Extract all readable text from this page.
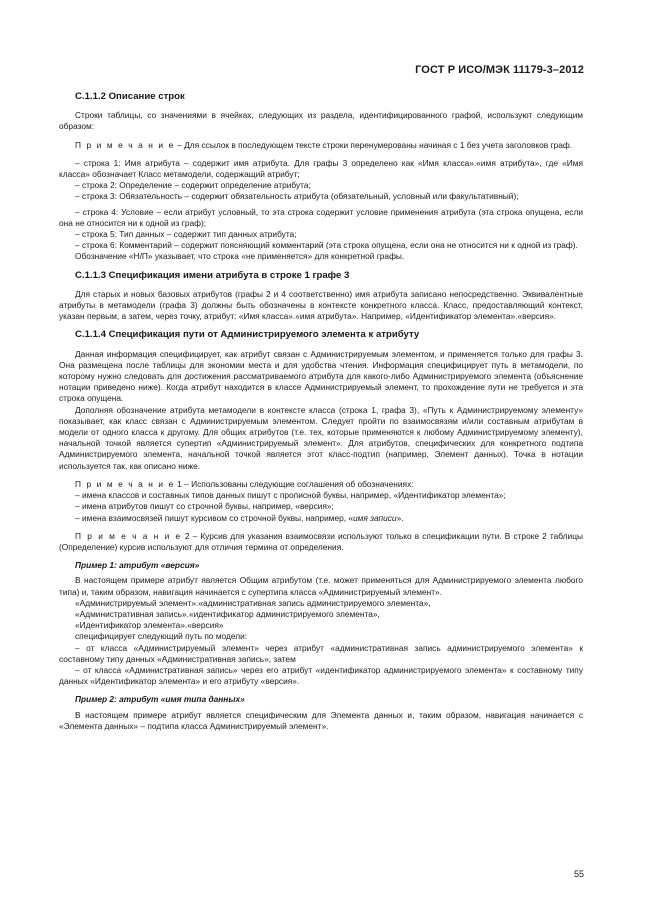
ГОСТ Р ИСО/МЭК 11179-3–2012

C.1.1.2 Описание строк

Строки таблицы, со значениями в ячейках, следующих из раздела, идентифицированного графой, используют следующим образом:

П р и м е ч а н и е – Для ссылок в последующем тексте строки перенумерованы начиная с 1 без учета заголовков граф.

– строка 1: Имя атрибута – содержит имя атрибута. Для графы 3 определено как «Имя класса».«имя атрибута», где «Имя класса» обозначает Класс метамодели, содержащий атрибут;

– строка 2: Определение – содержит определение атрибута;

– строка 3: Обязательность – содержит обязательность атрибута (обязательный, условный или факультативный);

– строка 4: Условие – если атрибут условный, то эта строка содержит условие применения атрибута (эта строка опущена, если она не относится ни к одной из граф);

– строка 5: Тип данных – содержит тип данных атрибута;

– строка 6: Комментарий – содержит поясняющий комментарий (эта строка опущена, если она не относится ни к одной из граф).

Обозначение «Н/П» указывает, что строка «не применяется» для конкретной графы.

C.1.1.3 Спецификация имени атрибута в строке 1 графе 3

Для старых и новых базовых атрибутов (графы 2 и 4 соответственно) имя атрибута записано непосредственно. Эквивалентные атрибуты в метамодели (графа 3) должны быть обозначены в контексте конкретного класса. Класс, предоставляющий контекст, указан первым, а затем, через точку, атрибут: «Имя класса».«имя атрибута». Например, «Идентификатор элемента».«версия».

C.1.1.4 Спецификация пути от Администрируемого элемента к атрибуту

Данная информация специфицирует, как атрибут связан с Администрируемым элементом, и применяется только для графы 3. Она размещена после таблицы для экономии места и для удобства чтения. Информация специфицирует путь в метамодели, по которому нужно следовать для достижения рассматриваемого атрибута для какого-либо Администрируемого элемента (объяснение нотации приведено ниже). Когда атрибут находится в классе Администрируемый элемент, то прохождение пути не требуется и эта строка опущена.

Дополняя обозначение атрибута метамодели в контексте класса (строка 1, графа 3), «Путь к Администрируемому элементу» показывает, как класс связан с Администрируемым элементом. Следует пройти по взаимосвязям и/или составным атрибутам в модели от одного класса к другому. Для общих атрибутов (т.е. тех, которые применяются к любому Администрируемому элементу), начальной точкой является супертип «Администрируемый элемент». Для атрибутов, специфических для конкретного подтипа Администрируемого элемента, начальной точкой является этот класс-подтип (например, Элемент данных). Точка в нотации используется так, как описано ниже.

П р и м е ч а н и е 1 – Использованы следующие соглашения об обозначениях:

– имена классов и составных типов данных пишут с прописной буквы, например, «Идентификатор элемента»;

– имена атрибутов пишут со строчной буквы, например, «версия»;

– имена взаимосвязей пишут курсивом со строчной буквы, например, «имя записи».

П р и м е ч а н и е 2 – Курсив для указания взаимосвязи используют только в спецификации пути. В строке 2 таблицы (Определение) курсив используют для отличия термина от определения.

Пример 1: атрибут «версия»

В настоящем примере атрибут является Общим атрибутом (т.е. может применяться для Администрируемого элемента любого типа) и, таким образом, навигация начинается с супертипа класса «Администрируемый элемент».

«Администрируемый элемент».«административная запись администрируемого элемента»,

«Административная запись».«идентификатор администрируемого элемента»,

«Идентификатор элемента».«версия»

специфицирует следующий путь по модели:

– от класса «Администрируемый элемент» через атрибут «административная запись администрируемого элемента» к составному типу данных «Административная запись», затем

– от класса «Административная запись» через его атрибут «идентификатор администрируемого элемента» к составному типу данных «Идентификатор элемента» и его атрибуту «версия».

Пример 2: атрибут «имя типа данных»

В настоящем примере атрибут является специфическим для Элемента данных и, таким образом, навигация начинается с «Элемента данных» – подтипа класса Администрируемый элемент».

55
